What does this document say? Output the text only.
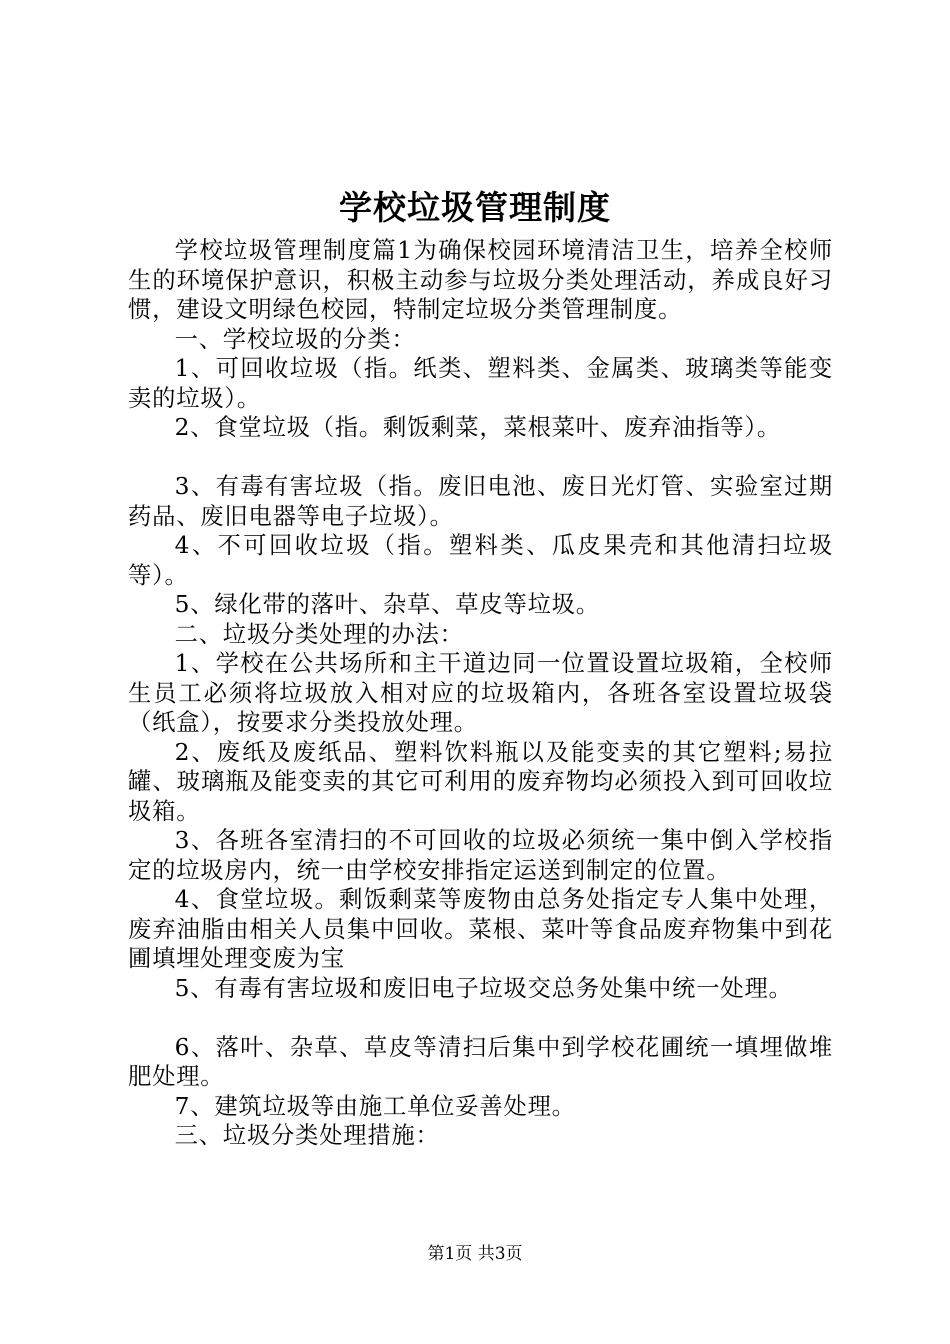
学校垃圾管理制度

学校垃圾管理制度篇1为确保校园环境清洁卫生，培养全校师生的环境保护意识，积极主动参与垃圾分类处理活动，养成良好习惯，建设文明绿色校园，特制定垃圾分类管理制度。

一、学校垃圾的分类：

1、可回收垃圾（指。纸类、塑料类、金属类、玻璃类等能变卖的垃圾）。

2、食堂垃圾（指。剩饭剩菜，菜根菜叶、废弃油指等）。

3、有毒有害垃圾（指。废旧电池、废日光灯管、实验室过期药品、废旧电器等电子垃圾）。

4、不可回收垃圾（指。塑料类、瓜皮果壳和其他清扫垃圾等）。

5、绿化带的落叶、杂草、草皮等垃圾。

二、垃圾分类处理的办法：

1、学校在公共场所和主干道边同一位置设置垃圾箱，全校师生员工必须将垃圾放入相对应的垃圾箱内，各班各室设置垃圾袋（纸盒），按要求分类投放处理。

2、废纸及废纸品、塑料饮料瓶以及能变卖的其它塑料;易拉罐、玻璃瓶及能变卖的其它可利用的废弃物均必须投入到可回收垃圾箱。

3、各班各室清扫的不可回收的垃圾必须统一集中倒入学校指定的垃圾房内，统一由学校安排指定运送到制定的位置。

4、食堂垃圾。剩饭剩菜等废物由总务处指定专人集中处理，废弃油脂由相关人员集中回收。菜根、菜叶等食品废弃物集中到花圃填埋处理变废为宝

5、有毒有害垃圾和废旧电子垃圾交总务处集中统一处理。

6、落叶、杂草、草皮等清扫后集中到学校花圃统一填埋做堆肥处理。

7、建筑垃圾等由施工单位妥善处理。

三、垃圾分类处理措施：

第1页 共3页
